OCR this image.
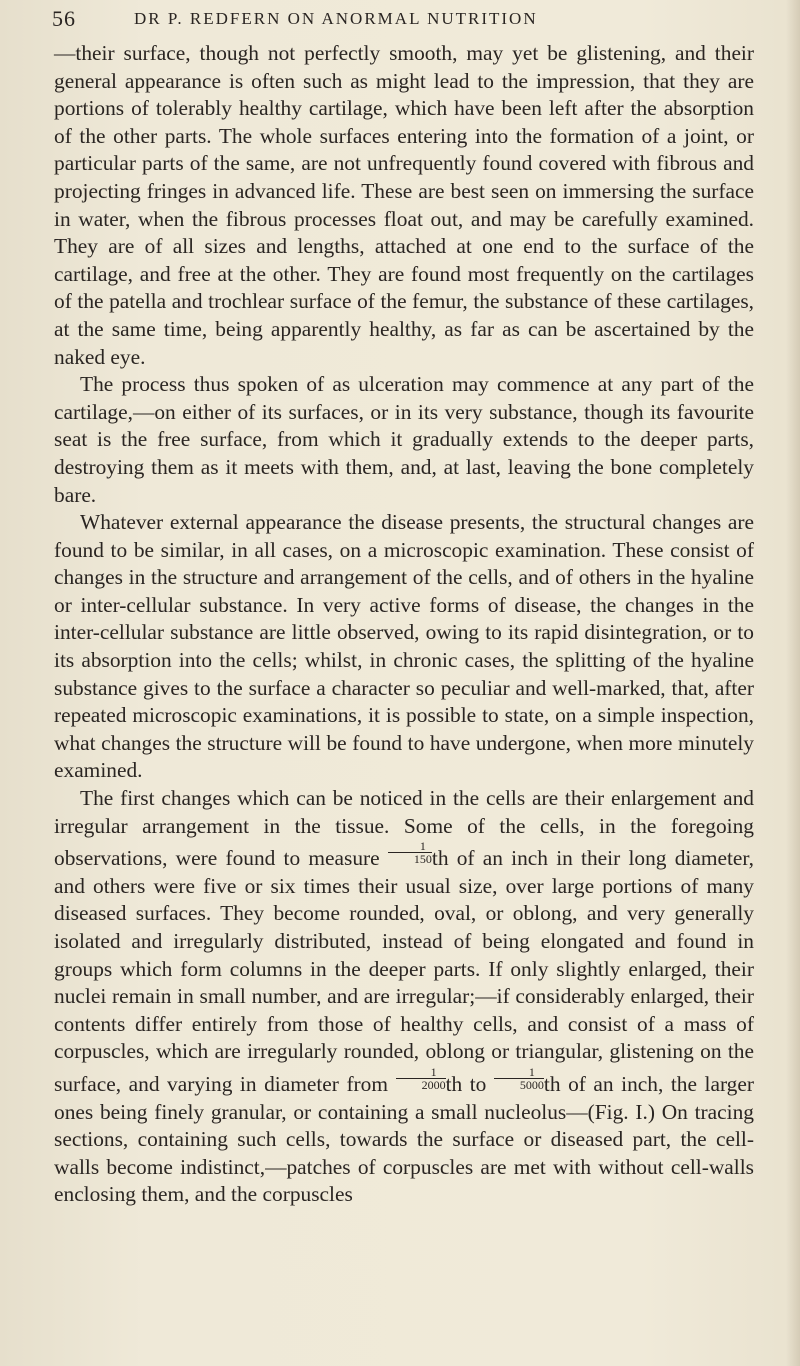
56	DR P. REDFERN ON ANORMAL NUTRITION

—their surface, though not perfectly smooth, may yet be glistening, and their general appearance is often such as might lead to the impression, that they are portions of tolerably healthy cartilage, which have been left after the absorption of the other parts. The whole surfaces entering into the formation of a joint, or particular parts of the same, are not unfrequently found covered with fibrous and projecting fringes in advanced life. These are best seen on immersing the surface in water, when the fibrous processes float out, and may be carefully examined. They are of all sizes and lengths, attached at one end to the surface of the cartilage, and free at the other. They are found most frequently on the cartilages of the patella and trochlear surface of the femur, the substance of these cartilages, at the same time, being apparently healthy, as far as can be ascertained by the naked eye.

The process thus spoken of as ulceration may commence at any part of the cartilage,—on either of its surfaces, or in its very substance, though its favourite seat is the free surface, from which it gradually extends to the deeper parts, destroying them as it meets with them, and, at last, leaving the bone completely bare.

Whatever external appearance the disease presents, the structural changes are found to be similar, in all cases, on a microscopic examination. These consist of changes in the structure and arrangement of the cells, and of others in the hyaline or inter-cellular substance. In very active forms of disease, the changes in the inter-cellular substance are little observed, owing to its rapid disintegration, or to its absorption into the cells; whilst, in chronic cases, the splitting of the hyaline substance gives to the surface a character so peculiar and well-marked, that, after repeated microscopic examinations, it is possible to state, on a simple inspection, what changes the structure will be found to have undergone, when more minutely examined.

The first changes which can be noticed in the cells are their enlargement and irregular arrangement in the tissue. Some of the cells, in the foregoing observations, were found to measure $\frac{1}{150}$ th of an inch in their long diameter, and others were five or six times their usual size, over large portions of many diseased surfaces. They become rounded, oval, or oblong, and very generally isolated and irregularly distributed, instead of being elongated and found in groups which form columns in the deeper parts. If only slightly enlarged, their nuclei remain in small number, and are irregular;—if considerably enlarged, their contents differ entirely from those of healthy cells, and consist of a mass of corpuscles, which are irregularly rounded, oblong or triangular, glistening on the surface, and varying in diameter from $\frac{1}{2000}$ th to $\frac{1}{5000}$ th of an inch, the larger ones being finely granular, or containing a small nucleolus—(Fig. I.) On tracing sections, containing such cells, towards the surface or diseased part, the cell-walls become indistinct,—patches of corpuscles are met with without cell-walls enclosing them, and the corpuscles
